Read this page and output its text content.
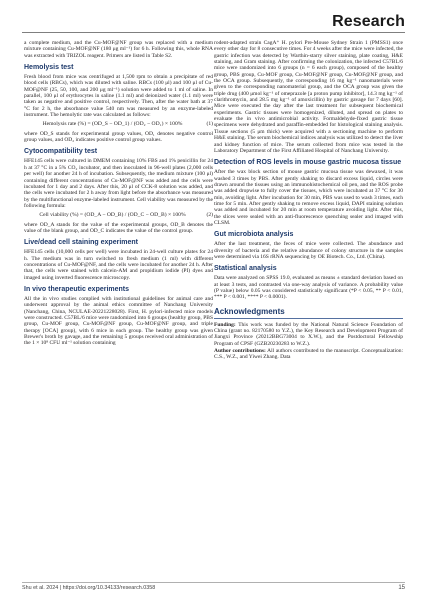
Research

a complete medium, and the Cu-MOF@NF group was replaced with a medium mixture containing Cu-MOF@NF (180 μg ml⁻¹) for 6 h. Following this, whole RNA was extracted with TRIZOL reagent. Primers are listed in Table S2.

Hemolysis test

Fresh blood from mice was centrifuged at 1,500 rpm to obtain a precipitate of red blood cells (RBCs), which was diluted with saline. RBCs (100 μl) and 100 μl of Cu-MOF@NF (25, 50, 100, and 200 μg ml⁻¹) solution were added to 1 ml of saline. In parallel, 100 μl of erythrocytes in saline (1.1 ml) and deionized water (1.1 ml) were taken as negative and positive control, respectively. Then, after the water bath at 37 °C for 2 h, the absorbance value 540 nm was measured by an enzyme-labeled instrument. The hemolytic rate was calculated as follows:

Hemolysis rate (%) = (OD_S − OD_1) / (OD₂ − OD₁) × 100%	(1)

where OD_S stands for experimental group values, OD₁ denotes negative control group values, and OD₂ indicates positive control group values.

Cytocompatibility test

HFE145 cells were cultured in DMEM containing 10% FBS and 1% penicillin for 24 h at 37 °C in a 5% CO₂ incubator, and then inoculated in 96-well plates (2,000 cells per well) for another 24 h of incubation. Subsequently, the medium mixture (100 μl) containing different concentrations of Cu-MOF@NF was added and the cells were incubated for 1 day and 2 days. After this, 20 μl of CCK-8 solution was added, and the cells were incubated for 2 h away from light before the absorbance was measured by the multifunctional enzyme-labeled instrument. Cell viability was measured by the following formula:

Cell viability (%) = (OD_A − OD_B) / (OD_C − OD_B) × 100%	(2)

where OD_A stands for the value of the experimental groups, OD_B denotes the value of the blank group, and OD_C indicates the value of the control group.

Live/dead cell staining experiment

HFE145 cells (10,000 cells per well) were incubated in 24-well culture plates for 24 h. The medium was in turn switched to fresh medium (1 ml) with different concentrations of Cu-MOF@NF, and the cells were incubated for another 24 h. After that, the cells were stained with calcein-AM and propidium iodide (PI) dyes and imaged using inverted fluorescence microscopy.

In vivo therapeutic experiments

All the in vivo studies complied with institutional guidelines for animal care and underwent approval by the animal ethics committee of Nanchang University (Nanchang, China, NCULAE-20221228028). First, H. pylori-infected mice models were constructed. C57BL/6 mice were randomized into 6 groups (healthy group, PBS group, Cu-MOF group, Cu-MOF@NF group, Cu-MOF@NF group, and triple therapy [OCA] group), with 6 mice in each group. The healthy group was given Brewer's broth by gavage, and the remaining 5 groups received oral administration of the 1 × 10⁸ CFU ml⁻¹ solution containing

rodent-adapted strain CagA⁺ H. pylori Pre-Mouse Sydney Strain 1 (PMSS1) once every other day for 8 consecutive times. For 4 weeks after the mice were infected, the gastric infection was detected by Warthin-starry silver staining, plate coating, H&E staining, and Gram staining. After confirming the colonization, the infected C57BL/6 mice were randomized into 6 groups (n = 6 each group), composed of the healthy group, PBS group, Cu-MOF group, Cu-MOF@NF group, Cu-MOF@NF group, and the OCA group. Subsequently, the corresponding 16 mg kg⁻¹ nanomaterials were given to the corresponding nanomaterial group, and the OCA group was given the triple drug (400 μmol kg⁻¹ of omeprazole [a proton pump inhibitor], 14.3 mg kg⁻¹ of clarithromycin, and 28.5 mg kg⁻¹ of amoxicillin) by gastric gavage for 7 days [60]. Mice were executed the day after the last treatment for subsequent biochemical experiments. Gastric tissues were homogenized, diluted, and spread on plates to evaluate the in vivo antimicrobial activity. Formaldehyde-fixed gastric tissue specimens were dehydrated and paraffin-embedded for histological staining analysis. Tissue sections (5 μm thick) were acquired with a sectioning machine to perform H&E staining. The serum biochemical indices analysis was utilized to detect the liver and kidney function of mice. The serum collected from mice was tested in the Laboratory Department of the First Affiliated Hospital of Nanchang University.

Detection of ROS levels in mouse gastric mucosa tissue

After the wax block section of mouse gastric mucosa tissue was dewaxed, it was washed 3 times by PBS. After gently shaking to discard excess liquid, circles were drawn around the tissues using an immunohistochemical oil pen, and the ROS probe was added dropwise to fully cover the tissues, which were incubated at 37 °C for 30 min, avoiding light. After incubation for 30 min, PBS was used to wash 3 times, each time for 5 min. After gently shaking to remove excess liquid, DAPI staining solution was added and incubated for 20 min at room temperature avoiding light. After this, the slices were sealed with an anti-fluorescence quenching sealer and imaged with CLSM.

Gut microbiota analysis

After the last treatment, the feces of mice were collected. The abundance and diversity of bacteria and the relative abundance of colony structure in the samples were determined via 16S rRNA sequencing by OE Biotech. Co., Ltd. (China).

Statistical analysis

Data were analyzed on SPSS 19.0, evaluated as means ± standard deviation based on at least 3 tests, and contrasted via one-way analysis of variance. A probability value (P value) below 0.05 was considered statistically significant (*P < 0.05, ** P < 0.01, *** P < 0.001, **** P < 0.0001).

Acknowledgments

Funding: This work was funded by the National Natural Science Foundation of China (grant no. 82170580 to Y.Z.), the Key Research and Development Program of Jiangxi Province (20212BBG73004 to X.W.), and the Postdoctoral Fellowship Program of CPSF (GZB20230283 to W.Z.).

Author contributions: All authors contributed to the manuscript. Conceptualization: C.S., W.Z., and Yiwei Zhang. Data

Shu et al. 2024 | https://doi.org/10.34133/research.0358	15
